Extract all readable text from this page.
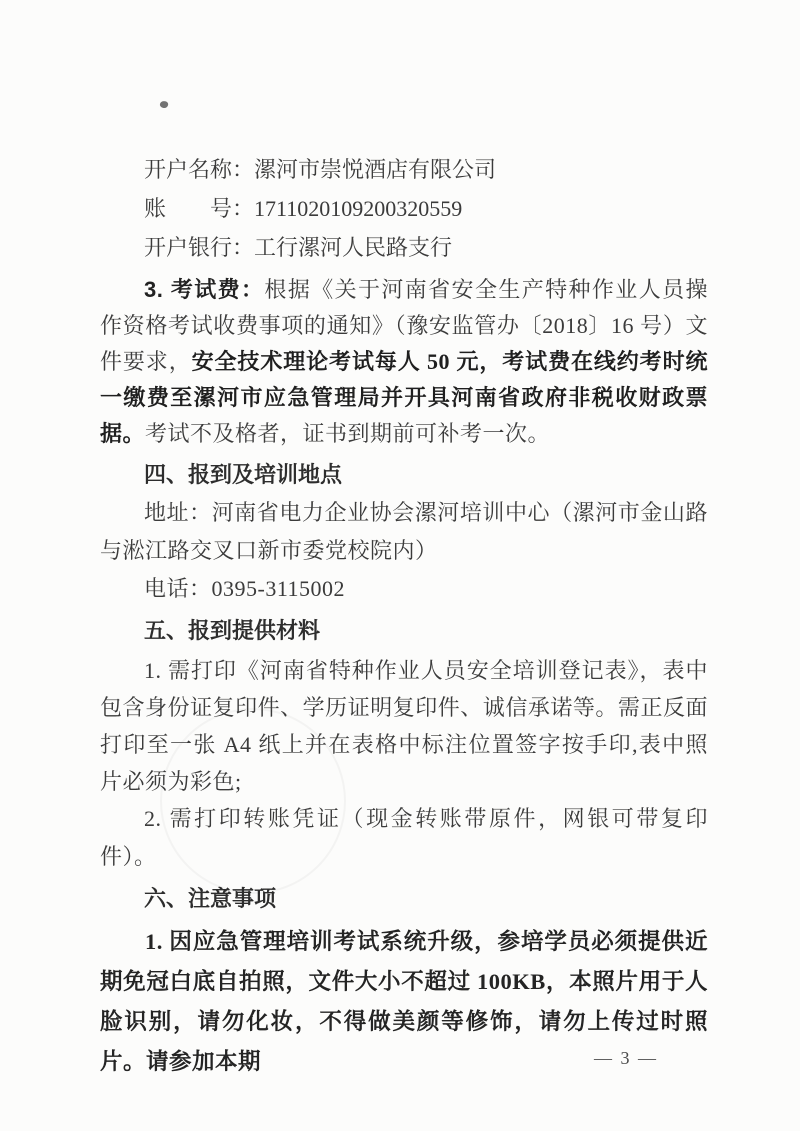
开户名称：漯河市崇悦酒店有限公司
账　　号：1711020109200320559
开户银行：工行漯河人民路支行

3. 考试费：根据《关于河南省安全生产特种作业人员操作资格考试收费事项的通知》（豫安监管办〔2018〕16 号）文件要求，安全技术理论考试每人 50 元，考试费在线约考时统一缴费至漯河市应急管理局并开具河南省政府非税收财政票据。考试不及格者，证书到期前可补考一次。

四、报到及培训地点

地址：河南省电力企业协会漯河培训中心（漯河市金山路与淞江路交叉口新市委党校院内）

电话：0395-3115002

五、报到提供材料

1. 需打印《河南省特种作业人员安全培训登记表》，表中包含身份证复印件、学历证明复印件、诚信承诺等。需正反面打印至一张 A4 纸上并在表格中标注位置签字按手印,表中照片必须为彩色;

2. 需打印转账凭证（现金转账带原件，网银可带复印件）。

六、注意事项

1. 因应急管理培训考试系统升级，参培学员必须提供近期免冠白底自拍照，文件大小不超过 100KB，本照片用于人脸识别，请勿化妆，不得做美颜等修饰，请勿上传过时照片。请参加本期	— 3 —
